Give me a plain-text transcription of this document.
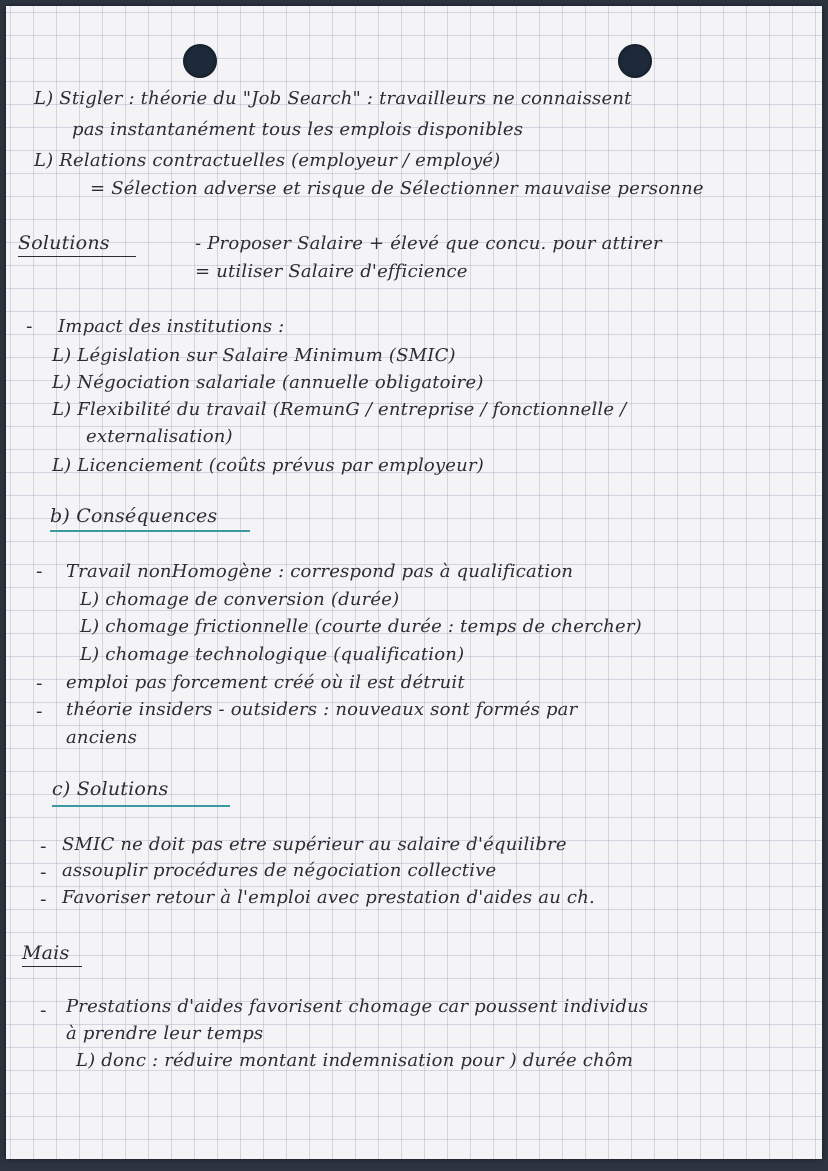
L) Stigler : théorie du "Job Search" : travailleurs ne connaissent
pas instantanément tous les emplois disponibles
L) Relations contractuelles (employeur / employé)
= Sélection adverse et risque de Sélectionner mauvaise personne
Solutions	- Proposer Salaire + élevé que concu. pour attirer
= utiliser Salaire d'efficience
- Impact des institutions :
L) Législation sur Salaire Minimum (SMIC)
L) Négociation salariale (annuelle obligatoire)
L) Flexibilité du travail (RemunG / entreprise / fonctionnelle /
externalisation)
L) Licenciement (coûts prévus par employeur)
b) Conséquences
- Travail nonHomogène : correspond pas à qualification
L) chomage de conversion (durée)
L) chomage frictionnelle (courte durée : temps de chercher)
L) chomage technologique (qualification)
- emploi pas forcement créé où il est détruit
- théorie insiders - outsiders : nouveaux sont formés par
anciens
c) Solutions
- SMIC ne doit pas etre supérieur au salaire d'équilibre
- assouplir procédures de négociation collective
- Favoriser retour à l'emploi avec prestation d'aides au ch.
Mais
- Prestations d'aides favorisent chomage car poussent individus
à prendre leur temps
L) donc : réduire montant indemnisation pour ) durée chôm
